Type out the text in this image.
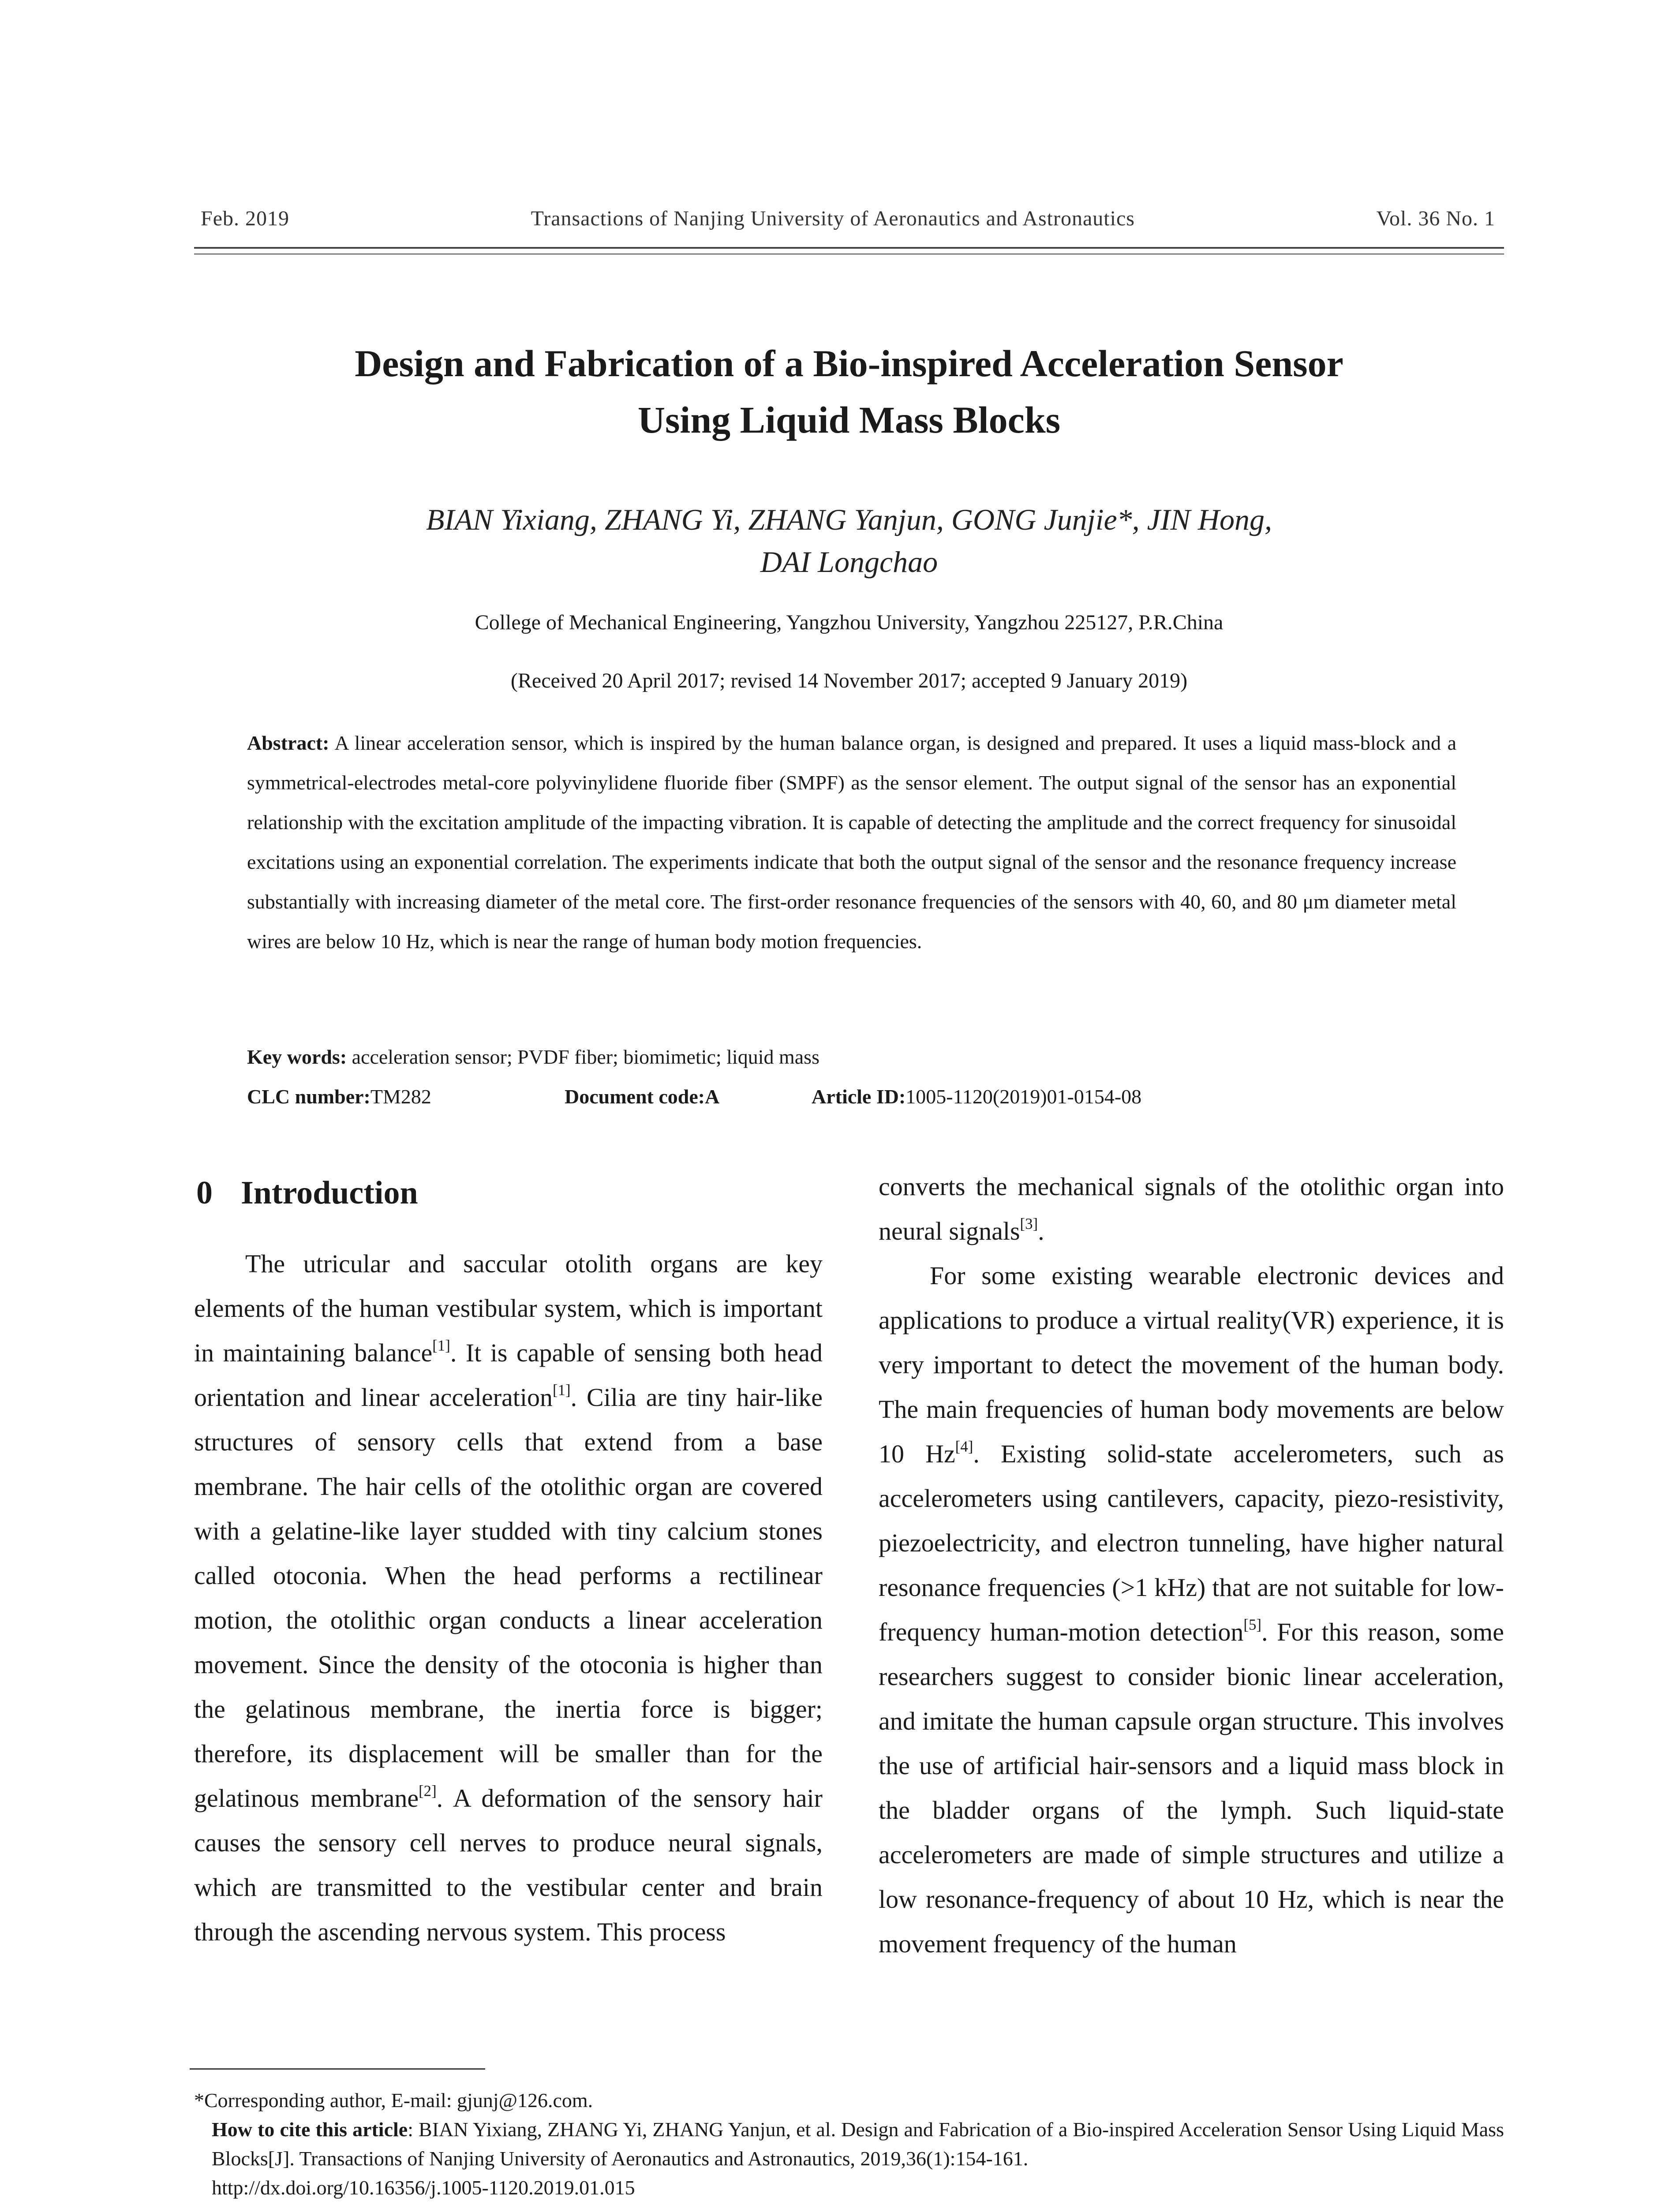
Feb. 2019	Transactions of Nanjing University of Aeronautics and Astronautics	Vol. 36 No. 1
Design and Fabrication of a Bio-inspired Acceleration Sensor
Using Liquid Mass Blocks
BIAN Yixiang, ZHANG Yi, ZHANG Yanjun, GONG Junjie*, JIN Hong,
DAI Longchao
College of Mechanical Engineering, Yangzhou University, Yangzhou 225127, P.R.China
(Received 20 April 2017; revised 14 November 2017; accepted 9 January 2019)
Abstract: A linear acceleration sensor, which is inspired by the human balance organ, is designed and prepared. It uses a liquid mass-block and a symmetrical-electrodes metal-core polyvinylidene fluoride fiber (SMPF) as the sensor element. The output signal of the sensor has an exponential relationship with the excitation amplitude of the impacting vibration. It is capable of detecting the amplitude and the correct frequency for sinusoidal excitations using an exponential correlation. The experiments indicate that both the output signal of the sensor and the resonance frequency increase substantially with increasing diameter of the metal core. The first-order resonance frequencies of the sensors with 40, 60, and 80 μm diameter metal wires are below 10 Hz, which is near the range of human body motion frequencies.
Key words: acceleration sensor; PVDF fiber; biomimetic; liquid mass
CLC number:TM282	Document code:A	Article ID:1005-1120(2019)01-0154-08
0 Introduction

The utricular and saccular otolith organs are key elements of the human vestibular system, which is important in maintaining balance[1]. It is capable of sensing both head orientation and linear acceleration[1]. Cilia are tiny hair-like structures of sensory cells that extend from a base membrane. The hair cells of the otolithic organ are covered with a gelatine-like layer studded with tiny calcium stones called otoconia. When the head performs a rectilinear motion, the otolithic organ conducts a linear acceleration movement. Since the density of the otoconia is higher than the gelatinous membrane, the inertia force is bigger; therefore, its displacement will be smaller than for the gelatinous membrane[2]. A deformation of the sensory hair causes the sensory cell nerves to produce neural signals, which are transmitted to the vestibular center and brain through the ascending nervous system. This process

converts the mechanical signals of the otolithic organ into neural signals[3].

For some existing wearable electronic devices and applications to produce a virtual reality(VR) experience, it is very important to detect the movement of the human body. The main frequencies of human body movements are below 10 Hz[4]. Existing solid-state accelerometers, such as accelerometers using cantilevers, capacity, piezo-resistivity, piezoelectricity, and electron tunneling, have higher natural resonance frequencies (>1 kHz) that are not suitable for low-frequency human-motion detection[5]. For this reason, some researchers suggest to consider bionic linear acceleration, and imitate the human capsule organ structure. This involves the use of artificial hair-sensors and a liquid mass block in the bladder organs of the lymph. Such liquid-state accelerometers are made of simple structures and utilize a low resonance-frequency of about 10 Hz, which is near the movement frequency of the human

*Corresponding author, E-mail: gjunj@126.com.
How to cite this article: BIAN Yixiang, ZHANG Yi, ZHANG Yanjun, et al. Design and Fabrication of a Bio-inspired Acceleration Sensor Using Liquid Mass Blocks[J]. Transactions of Nanjing University of Aeronautics and Astronautics, 2019,36(1):154-161.
http://dx.doi.org/10.16356/j.1005-1120.2019.01.015
